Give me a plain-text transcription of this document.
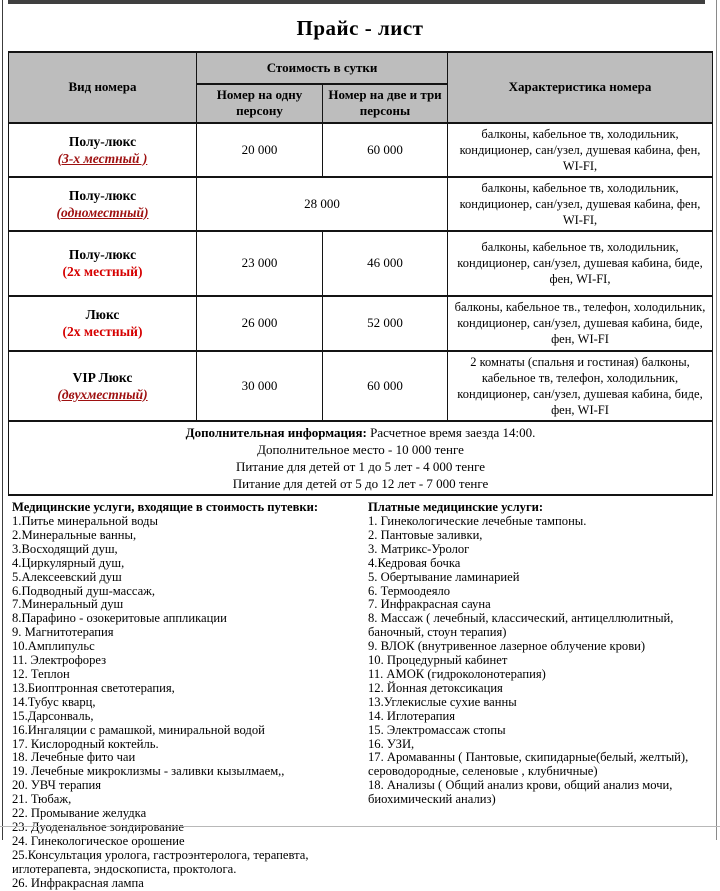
Прайс - лист
Вид номера	Стоимость в сутки		Характеристика номера
	Номер на одну персону	Номер на две и три персоны	
Полу-люкс
(3-х местный )	20 000	60 000	балконы, кабельное тв, холодильник, кондиционер, сан/узел, душевая кабина, фен, WI-FI,
Полу-люкс
(одноместный)	28 000		балконы, кабельное тв, холодильник, кондиционер, сан/узел, душевая кабина, фен, WI-FI,
Полу-люкс
(2х местный)	23 000	46 000	балконы, кабельное тв, холодильник, кондиционер, сан/узел, душевая кабина, биде, фен, WI-FI,
Люкс
(2х местный)	26 000	52 000	балконы, кабельное тв., телефон, холодильник, кондиционер, сан/узел, душевая кабина, биде, фен, WI-FI
VIP Люкс
(двухместный)	30 000	60 000	2 комнаты (спальня и гостиная) балконы, кабельное тв, телефон, холодильник, кондиционер, сан/узел, душевая кабина, биде, фен, WI-FI

Дополнительная информация: Расчетное время заезда 14:00.
Дополнительное место - 10 000 тенге
Питание для детей от 1 до 5 лет - 4 000 тенге
Питание для детей от 5 до 12 лет - 7 000 тенге			

Медицинские услуги, входящие в стоимость путевки:  1.Питье минеральной воды

2.Минеральные ванны,
3.Восходящий душ,
4.Циркулярный душ,
5.Алексеевский душ
6.Подводный душ-массаж,
7.Минеральный душ
8.Парафино - озокеритовые аппликации
9. Магнитотерапия
10.Амплипульс
11. Электрофорез
12. Теплон
13.Биоптронная светотерапия,
14.Тубус кварц,
15.Дарсонваль,
16.Ингаляции с рамашкой, миниральной водой
17. Кислородный коктейль.
18. Лечебные фито чаи
19. Лечебные микроклизмы - заливки кызылмаем,,
20. УВЧ терапия
21. Тюбаж,
22. Промывание желудка
24. Гинекологическое орошение
25.Консультация уролога, гастроэнтеролога, терапевта, иглотерапевта, эндоскописта, проктолога.
26. Инфракрасная лампа

Платные медицинские услуги:

1. Гинекологические лечебные тампоны.
2. Пантовые заливки,
3. Матрикс-Уролог
4.Кедровая бочка
5. Обертывание ламинарией
6. Термоодеяло
7. Инфракрасная сауна
8. Массаж ( лечебный, классический, антицеллюлитный, баночный, стоун терапия)
9. ВЛОК (внутривенное лазерное облучение крови)
10. Процедурный кабинет
11. АМОК (гидроколонотерапия)
12. Йонная детоксикация
13.Углекислые сухие ванны
14. Иглотерапия
15. Электромассаж стопы
16. УЗИ,
17. Аромаванны ( Пантовые, скипидарные(белый, желтый), сероводородные, селеновые , клубничные)
18. Анализы ( Общий анализ крови, общий анализ мочи, биохимический анализ)
